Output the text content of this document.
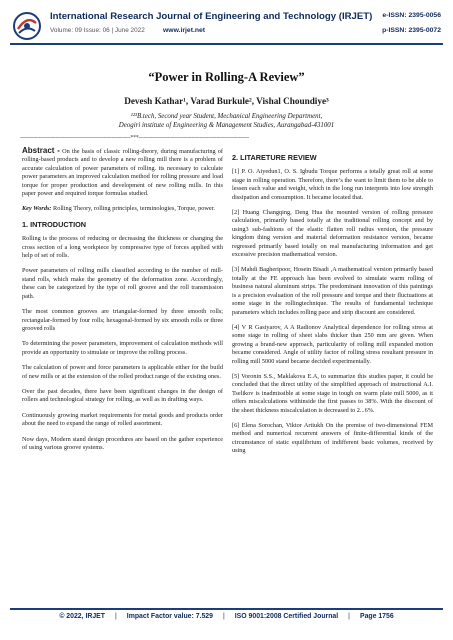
International Research Journal of Engineering and Technology (IRJET)
Volume: 09 Issue: 06 | June 2022	www.irjet.net
e-ISSN: 2395-0056
p-ISSN: 2395-0072
“Power in Rolling-A Review”
Devesh Kathar¹, Varad Burkule², Vishal Choundiye³
¹²³B.tech, Second year Student, Mechanical Engineering Department,
Deogiri institute of Engineering & Management Studies, Aurangabad-431001
-----------------------------------------------------------------***-----------------------------------------------------------------

Abstract - On the basis of classic rolling-theory, during manufacturing of rolling-based products and to develop a new rolling mill there is a problem of accurate calculation of power parameters of rolling. its necessary to calculate power parameters an improved calculation method for rolling pressure and load torque for proper production and development of new rolling mills. In this paper power and required torque formulas studied.

Key Words: Rolling Theory, rolling principles, terminologies, Torque, power.

1. INTRODUCTION

Rolling is the process of reducing or decreasing the thickness or changing the cross section of a long workpiece by compressive type of forces applied with help of set of rolls.

Power parameters of rolling mills classified according to the number of mill-stand rolls, which make the geometry of the deformation zone. Accordingly, these can be categorized by the type of roll groove and the roll transmission path.

The most common grooves are triangular-formed by three smooth rolls; rectangular-formed by four rolls; hexagonal-formed by six smooth rolls or three grooved rolls

To determining the power parameters, improvement of calculation methods will provide an opportunity to simulate or improve the rolling process.

The calculation of power and force parameters is applicable either for the build of new mills or at the extension of the rolled product range of the existing ones.

Over the past decades, there have been significant changes in the design of rollers and technological strategy for rolling, as well as in drafting ways.

Continuously growing market requirements for metal goods and products order about the need to expand the range of rolled assortment.

Now days, Modern stand design procedures are based on the gather experience of using various groove systems.

2. LITARETURE REVIEW

[1] P. O. Aiyedun1, O. S. Igbudu Torque performs a totally great roll at some stage in rolling operation. Therefore, there’s the want to limit them to be able to lessen each value and weight, which in the long run interprets into low strength dissipation and consumption. It became located that.

[2] Huang Changqing, Deng Hua the mounted version of rolling pressure calculation, primarily based totally at the traditional rolling concept and by using3 sub-fashions of the elastic flatten roll radius version, the pressure kingdom thing version and material deformation resistance version, became regressed primarily based totally on real manufacturing information and get excessive precision mathematical version.

[3] Mahdi Bagheripoor, Hosein Bisadi ,A mathematical version primarily based totally at the FE approach has been evolved to simulate warm rolling of business natural aluminum strips. The predominant innovation of this paintings is a precision evaluation of the roll pressure and torque and their fluctuations at some stage in the rollingtechnique. The results of fundamental technique parameters which includes rolling pace and strip discount are considered.

[4] V R Gasiyarov, A A Radionov Analytical dependence for rolling stress at some stage in rolling of sheet slabs thicker than 250 mm are given. When growing a brand-new approach, particularity of rolling mill expanded motion became considered. Angle of utility factor of rolling stress resultant pressure in rolling mill 5000 stand became decided experimentally.

[5] Voronin S.S., Maklakova E.A, to summarize this studies paper, it could be concluded that the direct utility of the simplified approach of instructional A.I. Tselikov is inadmissible at some stage in tough on warm plate mill 5000, as it offers miscalculations withinside the first passes to 38%. With the discount of the sheet thickness miscalculation is decreased to 2...6%.

[6] Elena Sorochan, Viktor Artiukh On the premise of two-dimensional FEM method and numerical recurrent answers of finite-differential kinds of the circumstance of static equilibrium of indifferent basic volumes, received by using

© 2022, IRJET | Impact Factor value: 7.529 | ISO 9001:2008 Certified Journal | Page 1756
